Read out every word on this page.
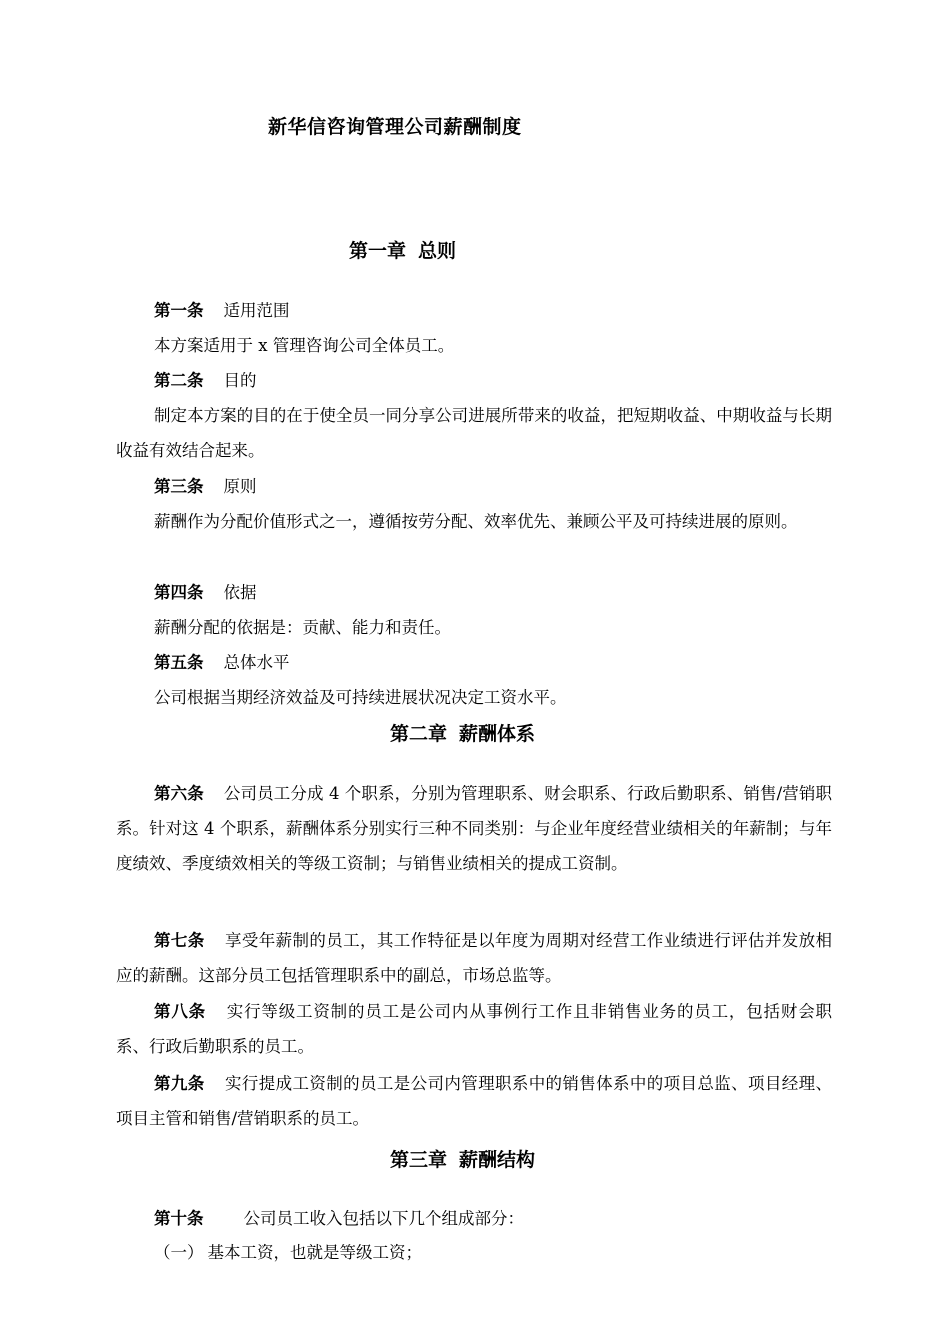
新华信咨询管理公司薪酬制度
第一章 总则
第一条 适用范围
本方案适用于 x 管理咨询公司全体员工。
第二条 目的
制定本方案的目的在于使全员一同分享公司进展所带来的收益，把短期收益、中期收益与长期收益有效结合起来。
第三条 原则
薪酬作为分配价值形式之一，遵循按劳分配、效率优先、兼顾公平及可持续进展的原则。
第四条 依据
薪酬分配的依据是：贡献、能力和责任。
第五条 总体水平
公司根据当期经济效益及可持续进展状况决定工资水平。
第二章 薪酬体系
第六条 公司员工分成 4 个职系，分别为管理职系、财会职系、行政后勤职系、销售/营销职系。针对这 4 个职系，薪酬体系分别实行三种不同类别：与企业年度经营业绩相关的年薪制；与年度绩效、季度绩效相关的等级工资制；与销售业绩相关的提成工资制。
第七条 享受年薪制的员工，其工作特征是以年度为周期对经营工作业绩进行评估并发放相应的薪酬。这部分员工包括管理职系中的副总，市场总监等。
第八条 实行等级工资制的员工是公司内从事例行工作且非销售业务的员工，包括财会职系、行政后勤职系的员工。
第九条 实行提成工资制的员工是公司内管理职系中的销售体系中的项目总监、项目经理、项目主管和销售/营销职系的员工。
第三章 薪酬结构
第十条 公司员工收入包括以下几个组成部分：
（一） 基本工资，也就是等级工资；
